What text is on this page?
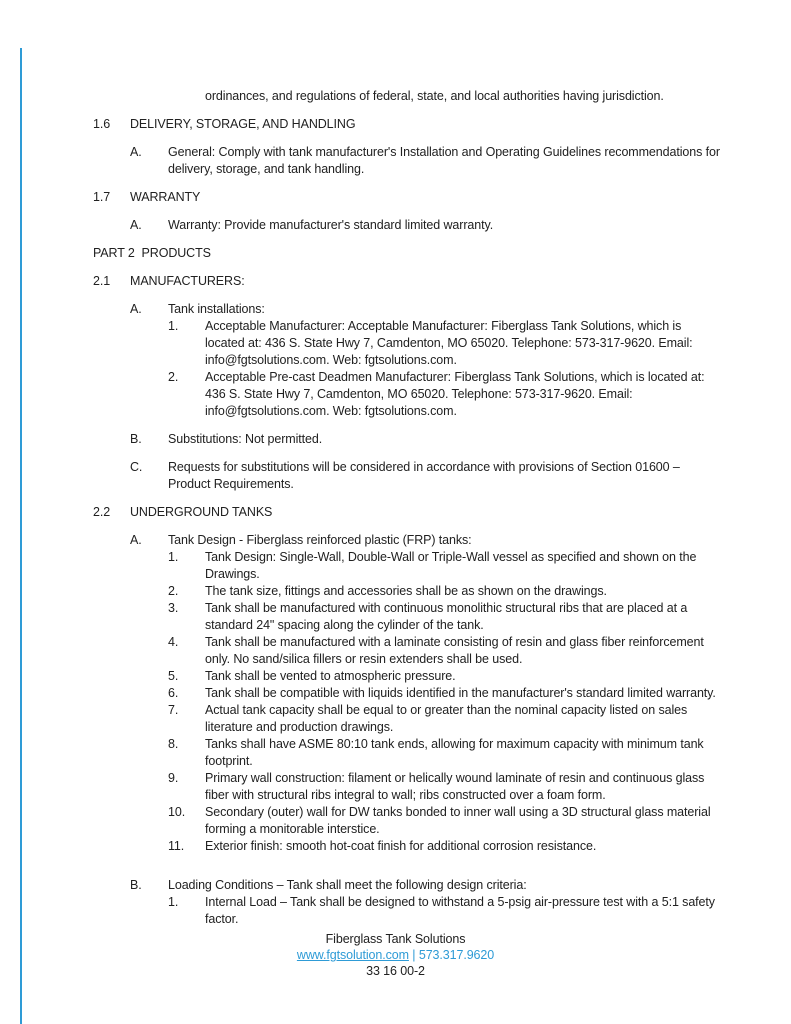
ordinances, and regulations of federal, state, and local authorities having jurisdiction.
1.6	DELIVERY, STORAGE, AND HANDLING
A.	General: Comply with tank manufacturer's Installation and Operating Guidelines recommendations for delivery, storage, and tank handling.
1.7	WARRANTY
A.	Warranty: Provide manufacturer's standard limited warranty.
PART 2  PRODUCTS
2.1	MANUFACTURERS:
A.	Tank installations:
1.	Acceptable Manufacturer: Acceptable Manufacturer: Fiberglass Tank Solutions, which is located at: 436 S. State Hwy 7, Camdenton, MO 65020. Telephone: 573-317-9620. Email: info@fgtsolutions.com. Web: fgtsolutions.com.
2.	Acceptable Pre-cast Deadmen Manufacturer: Fiberglass Tank Solutions, which is located at: 436 S. State Hwy 7, Camdenton, MO 65020. Telephone: 573-317-9620. Email: info@fgtsolutions.com. Web: fgtsolutions.com.
B.	Substitutions: Not permitted.
C.	Requests for substitutions will be considered in accordance with provisions of Section 01600 – Product Requirements.
2.2	UNDERGROUND TANKS
A.	Tank Design - Fiberglass reinforced plastic (FRP) tanks:
1.	Tank Design: Single-Wall, Double-Wall or Triple-Wall vessel as specified and shown on the Drawings.
2.	The tank size, fittings and accessories shall be as shown on the drawings.
3.	Tank shall be manufactured with continuous monolithic structural ribs that are placed at a standard 24" spacing along the cylinder of the tank.
4.	Tank shall be manufactured with a laminate consisting of resin and glass fiber reinforcement only. No sand/silica fillers or resin extenders shall be used.
5.	Tank shall be vented to atmospheric pressure.
6.	Tank shall be compatible with liquids identified in the manufacturer's standard limited warranty.
7.	Actual tank capacity shall be equal to or greater than the nominal capacity listed on sales literature and production drawings.
8.	Tanks shall have ASME 80:10 tank ends, allowing for maximum capacity with minimum tank footprint.
9.	Primary wall construction: filament or helically wound laminate of resin and continuous glass fiber with structural ribs integral to wall; ribs constructed over a foam form.
10.	Secondary (outer) wall for DW tanks bonded to inner wall using a 3D structural glass material forming a monitorable interstice.
11.	Exterior finish: smooth hot-coat finish for additional corrosion resistance.
B.	Loading Conditions – Tank shall meet the following design criteria:
1.	Internal Load – Tank shall be designed to withstand a 5-psig air-pressure test with a 5:1 safety factor.
Fiberglass Tank Solutions
www.fgtsolution.com | 573.317.9620
33 16 00-2
